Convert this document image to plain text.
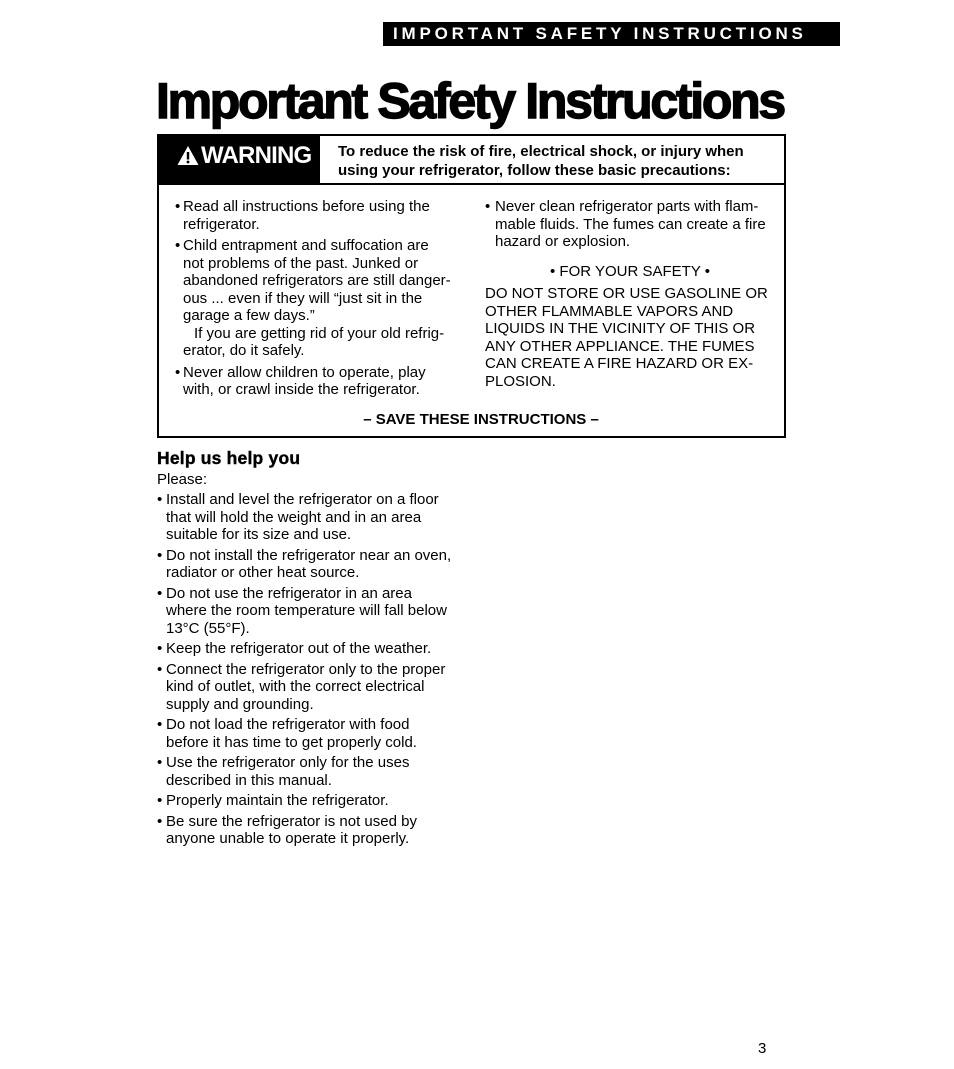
IMPORTANT SAFETY INSTRUCTIONS
Important Safety Instructions
WARNING	To reduce the risk of fire, electrical shock, or injury when
using your refrigerator, follow these basic precautions:
• Read all instructions before using the
refrigerator.
• Child entrapment and suffocation are
not problems of the past. Junked or
abandoned refrigerators are still danger-
ous ... even if they will “just sit in the
garage a few days.”
If you are getting rid of your old refrig-
erator, do it safely.
• Never allow children to operate, play
with, or crawl inside the refrigerator.
• Never clean refrigerator parts with flam-
mable fluids. The fumes can create a fire
hazard or explosion.
• FOR YOUR SAFETY •
DO NOT STORE OR USE GASOLINE OR
OTHER FLAMMABLE VAPORS AND
LIQUIDS IN THE VICINITY OF THIS OR
ANY OTHER APPLIANCE. THE FUMES
CAN CREATE A FIRE HAZARD OR EX-
PLOSION.
– SAVE THESE INSTRUCTIONS –
Help us help you
Please:
• Install and level the refrigerator on a floor
that will hold the weight and in an area
suitable for its size and use.
• Do not install the refrigerator near an oven,
radiator or other heat source.
• Do not use the refrigerator in an area
where the room temperature will fall below
13°C (55°F).
• Keep the refrigerator out of the weather.
• Connect the refrigerator only to the proper
kind of outlet, with the correct electrical
supply and grounding.
• Do not load the refrigerator with food
before it has time to get properly cold.
• Use the refrigerator only for the uses
described in this manual.
• Properly maintain the refrigerator.
• Be sure the refrigerator is not used by
anyone unable to operate it properly.
3
